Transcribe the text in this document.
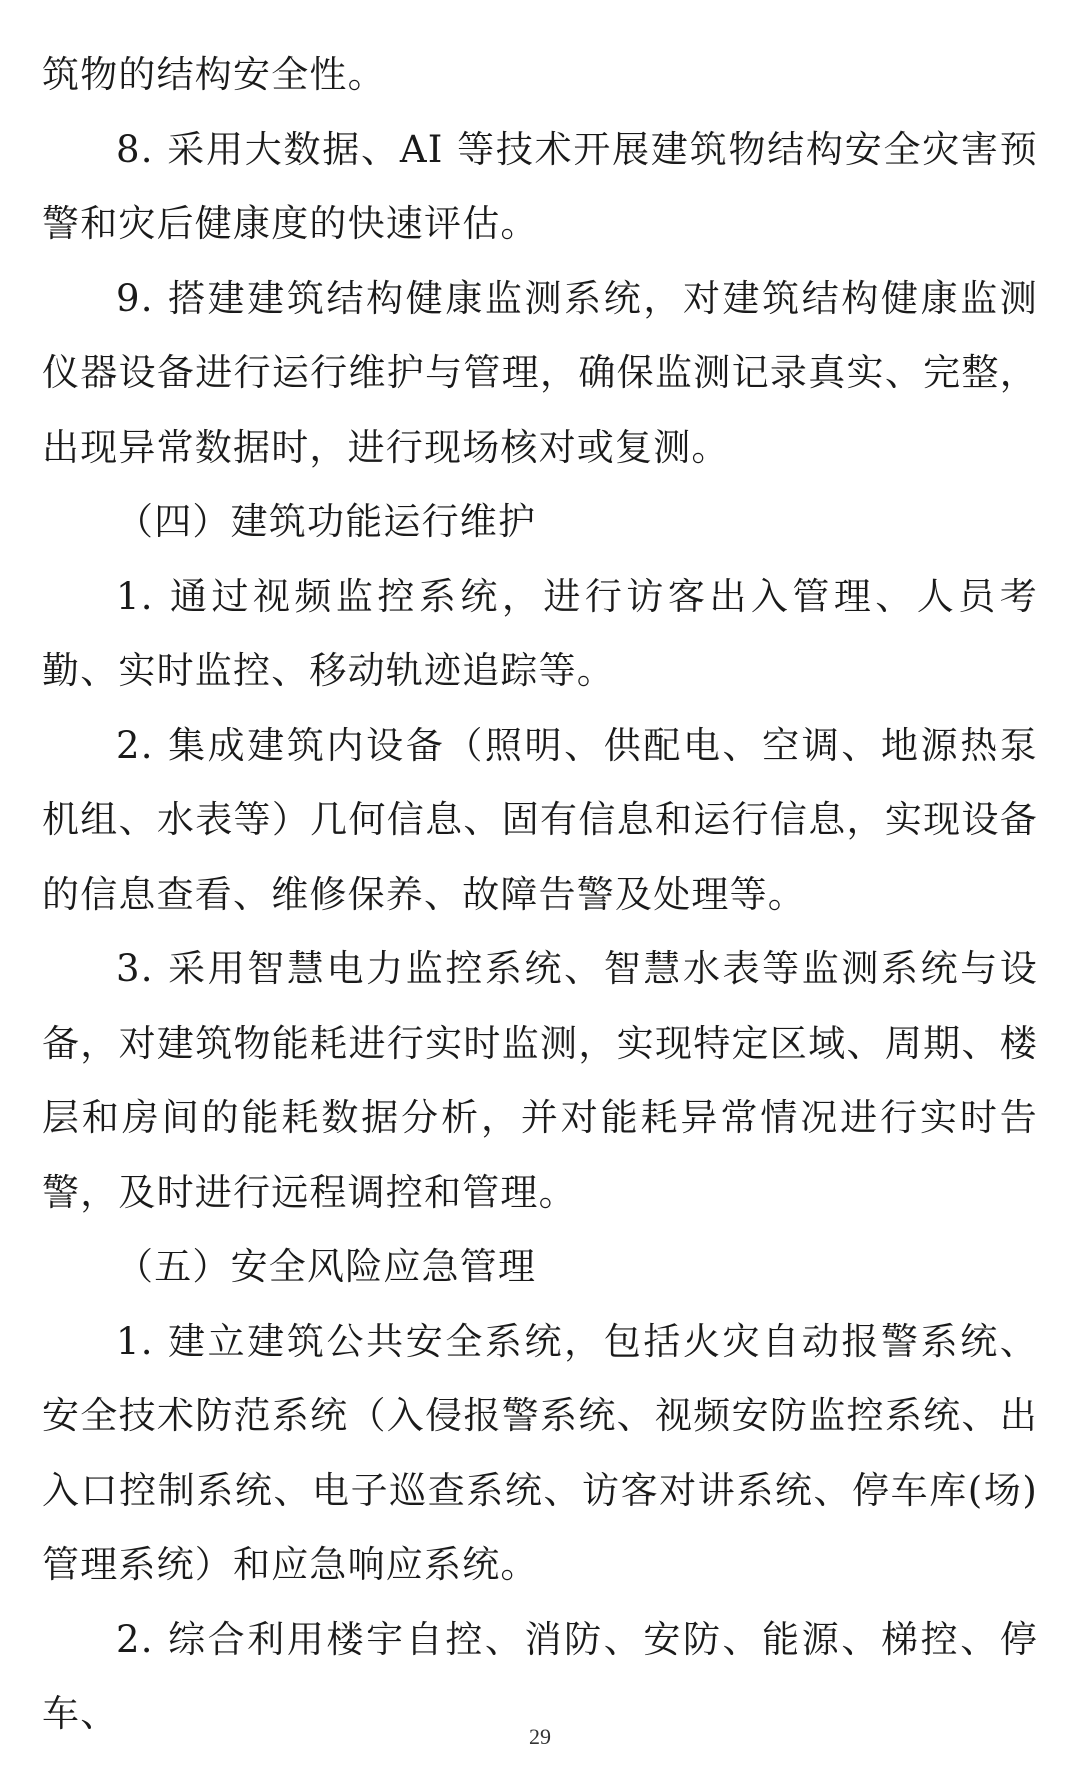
筑物的结构安全性。

8. 采用大数据、AI 等技术开展建筑物结构安全灾害预警和灾后健康度的快速评估。

9. 搭建建筑结构健康监测系统，对建筑结构健康监测仪器设备进行运行维护与管理，确保监测记录真实、完整，出现异常数据时，进行现场核对或复测。

（四）建筑功能运行维护

1. 通过视频监控系统，进行访客出入管理、人员考勤、实时监控、移动轨迹追踪等。

2. 集成建筑内设备（照明、供配电、空调、地源热泵机组、水表等）几何信息、固有信息和运行信息，实现设备的信息查看、维修保养、故障告警及处理等。

3. 采用智慧电力监控系统、智慧水表等监测系统与设备，对建筑物能耗进行实时监测，实现特定区域、周期、楼层和房间的能耗数据分析，并对能耗异常情况进行实时告警，及时进行远程调控和管理。

（五）安全风险应急管理

1. 建立建筑公共安全系统，包括火灾自动报警系统、安全技术防范系统（入侵报警系统、视频安防监控系统、出入口控制系统、电子巡查系统、访客对讲系统、停车库(场)管理系统）和应急响应系统。

2. 综合利用楼宇自控、消防、安防、能源、梯控、停车、

29
